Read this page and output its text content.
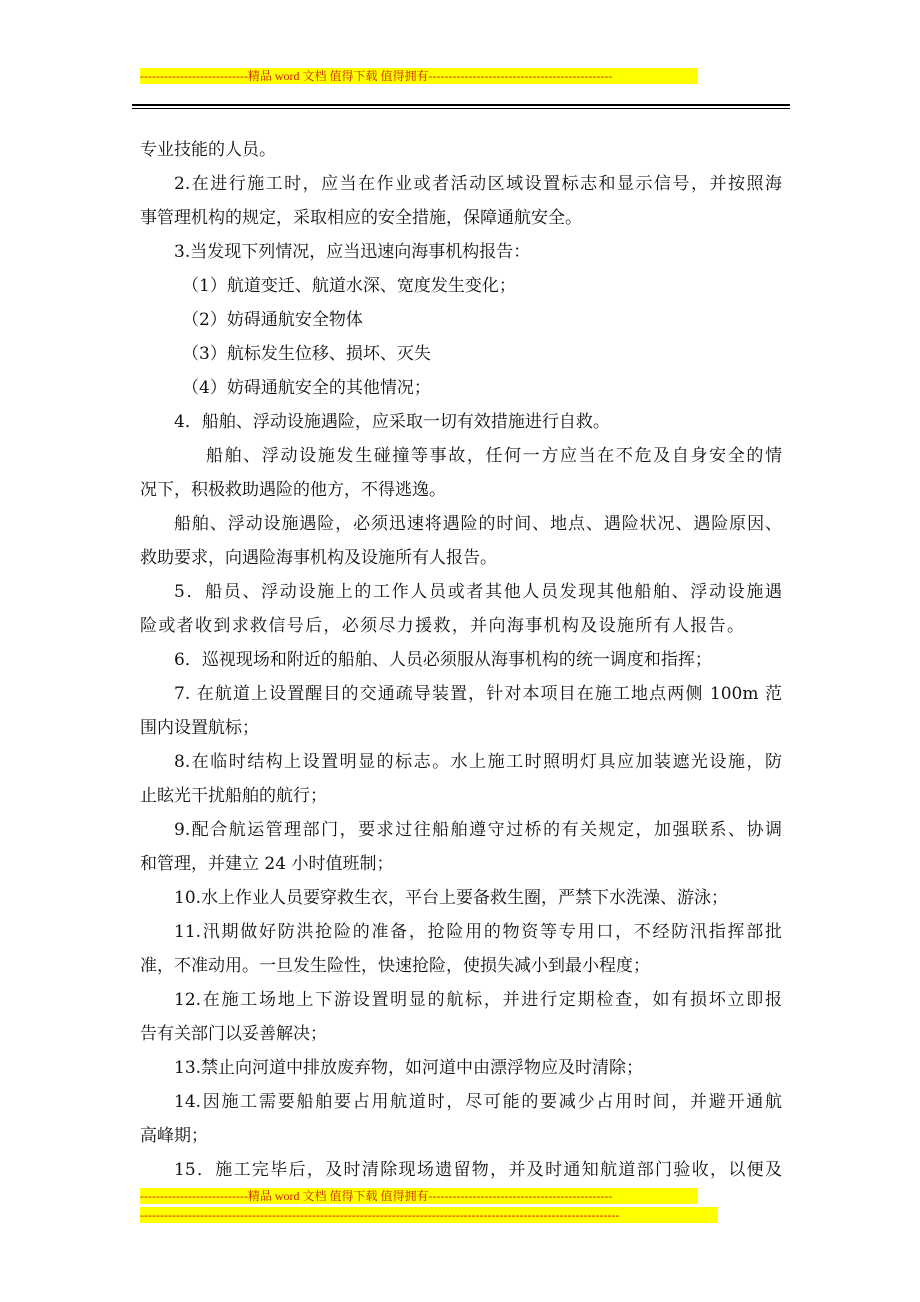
---------------------------精品 word 文档 值得下载 值得拥有----------------------------------------------
专业技能的人员。
2.在进行施工时，应当在作业或者活动区域设置标志和显示信号，并按照海
事管理机构的规定，采取相应的安全措施，保障通航安全。
3.当发现下列情况，应当迅速向海事机构报告：
（1）航道变迁、航道水深、宽度发生变化；
（2）妨碍通航安全物体
（3）航标发生位移、损坏、灭失
（4）妨碍通航安全的其他情况；
4．船舶、浮动设施遇险，应采取一切有效措施进行自救。
船舶、浮动设施发生碰撞等事故，任何一方应当在不危及自身安全的情
况下，积极救助遇险的他方，不得逃逸。
船舶、浮动设施遇险，必须迅速将遇险的时间、地点、遇险状况、遇险原因、
救助要求，向遇险海事机构及设施所有人报告。
5．船员、浮动设施上的工作人员或者其他人员发现其他船舶、浮动设施遇
险或者收到求救信号后，必须尽力援救，并向海事机构及设施所有人报告。
6．巡视现场和附近的船舶、人员必须服从海事机构的统一调度和指挥；
7. 在航道上设置醒目的交通疏导装置，针对本项目在施工地点两侧 100m 范
围内设置航标；
8.在临时结构上设置明显的标志。水上施工时照明灯具应加装遮光设施，防
止眩光干扰船舶的航行；
9.配合航运管理部门，要求过往船舶遵守过桥的有关规定，加强联系、协调
和管理，并建立 24 小时值班制；
10.水上作业人员要穿救生衣，平台上要备救生圈，严禁下水洗澡、游泳；
11.汛期做好防洪抢险的准备，抢险用的物资等专用口，不经防汛指挥部批
准，不准动用。一旦发生险性，快速抢险，使损失减小到最小程度；
12.在施工场地上下游设置明显的航标，并进行定期检查，如有损坏立即报
告有关部门以妥善解决；
13.禁止向河道中排放废弃物，如河道中由漂浮物应及时清除；
14.因施工需要船舶要占用航道时，尽可能的要减少占用时间，并避开通航
高峰期；
15．施工完毕后，及时清除现场遗留物，并及时通知航道部门验收，以便及
---------------------------精品 word 文档 值得下载 值得拥有----------------------------------------------
------------------------------------------------------------------------------------------------------------------------
